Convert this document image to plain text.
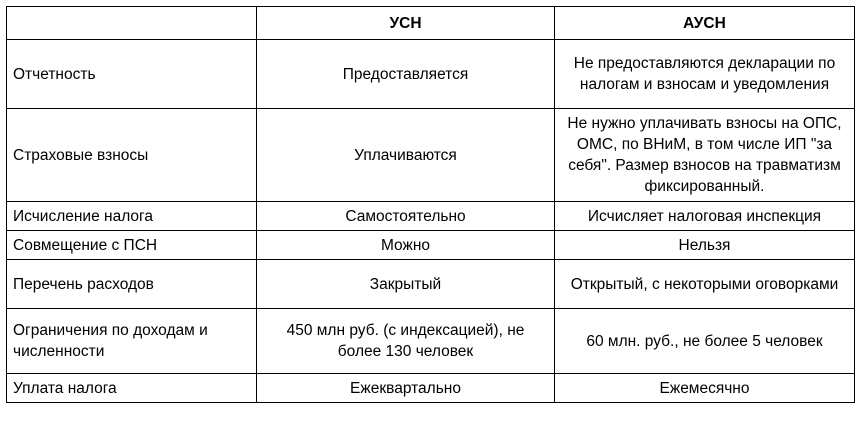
	УСН	АУСН
Отчетность	Предоставляется	Не предоставляются декларации по налогам и взносам и уведомления
Страховые взносы	Уплачиваются	Не нужно уплачивать взносы на ОПС, ОМС, по ВНиМ, в том числе ИП "за себя". Размер взносов на травматизм фиксированный.
Исчисление налога	Самостоятельно	Исчисляет налоговая инспекция
Совмещение с ПСН	Можно	Нельзя
Перечень расходов	Закрытый	Открытый, с некоторыми оговорками
Ограничения по доходам и численности	450 млн руб. (с индексацией), не более 130 человек	60 млн. руб., не более 5 человек
Уплата налога	Ежеквартально	Ежемесячно
